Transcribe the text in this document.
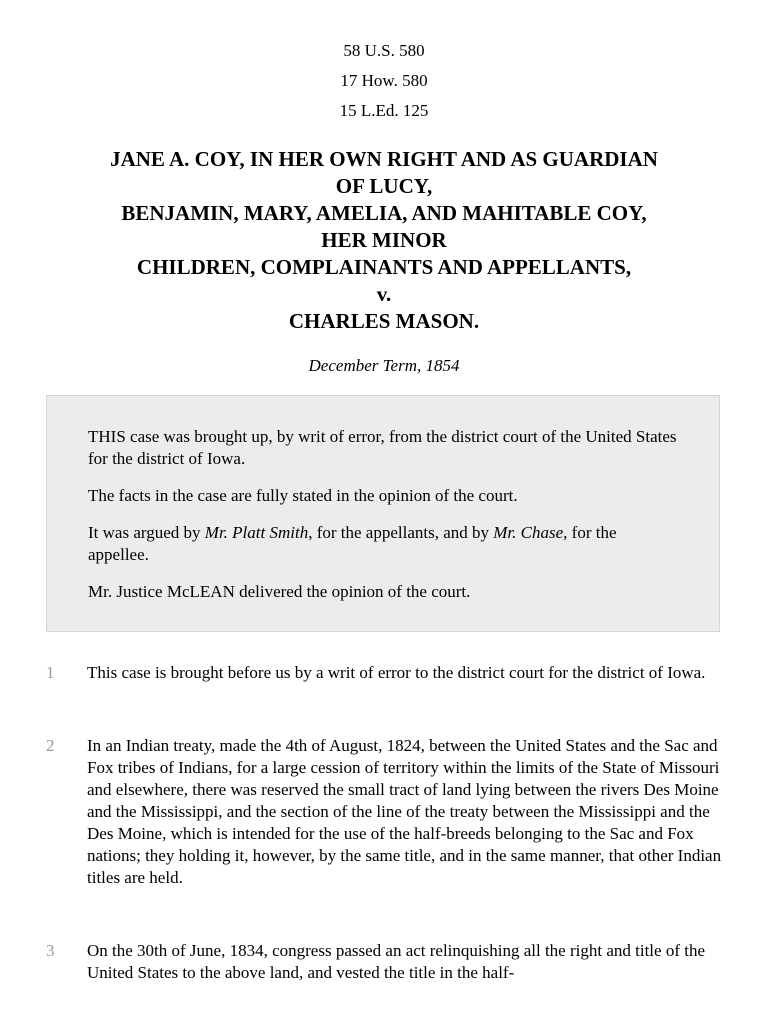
58 U.S. 580
17 How. 580
15 L.Ed. 125
JANE A. COY, IN HER OWN RIGHT AND AS GUARDIAN
OF LUCY,
BENJAMIN, MARY, AMELIA, AND MAHITABLE COY,
HER MINOR
CHILDREN, COMPLAINANTS AND APPELLANTS,
v.
CHARLES MASON.
December Term, 1854

THIS case was brought up, by writ of error, from the district court of the United States for the district of Iowa.

The facts in the case are fully stated in the opinion of the court.

It was argued by Mr. Platt Smith, for the appellants, and by Mr. Chase, for the appellee.

Mr. Justice McLEAN delivered the opinion of the court.

1 This case is brought before us by a writ of error to the district court for the district of Iowa.
2 In an Indian treaty, made the 4th of August, 1824, between the United States and the Sac and Fox tribes of Indians, for a large cession of territory within the limits of the State of Missouri and elsewhere, there was reserved the small tract of land lying between the rivers Des Moine and the Mississippi, and the section of the line of the treaty between the Mississippi and the Des Moine, which is intended for the use of the half-breeds belonging to the Sac and Fox nations; they holding it, however, by the same title, and in the same manner, that other Indian titles are held.
3 On the 30th of June, 1834, congress passed an act relinquishing all the right and title of the United States to the above land, and vested the title in the half-
